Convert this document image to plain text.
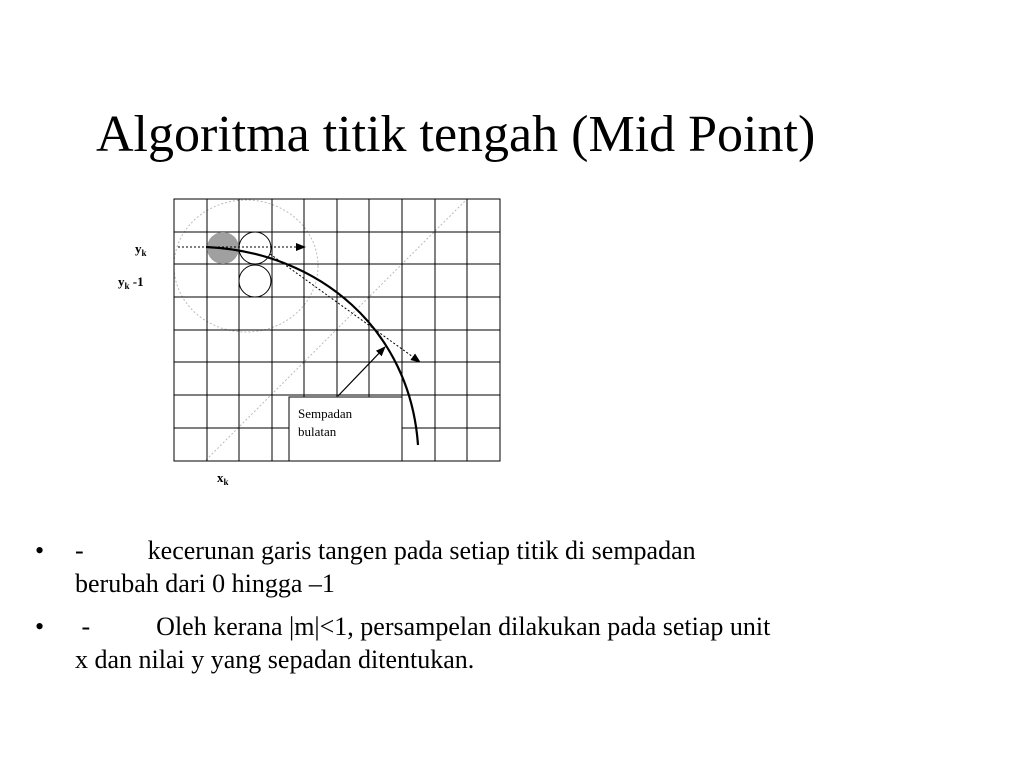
Algoritma titik tengah (Mid Point)
Sempadan
bulatan
$y_k$
$y_k$ -1
$x_k$
• - kecerunan garis tangen pada setiap titik di sempadan
berubah dari 0 hingga –1
• -	Oleh kerana |m|<1, persampelan dilakukan pada setiap unit
x dan nilai y yang sepadan ditentukan.
